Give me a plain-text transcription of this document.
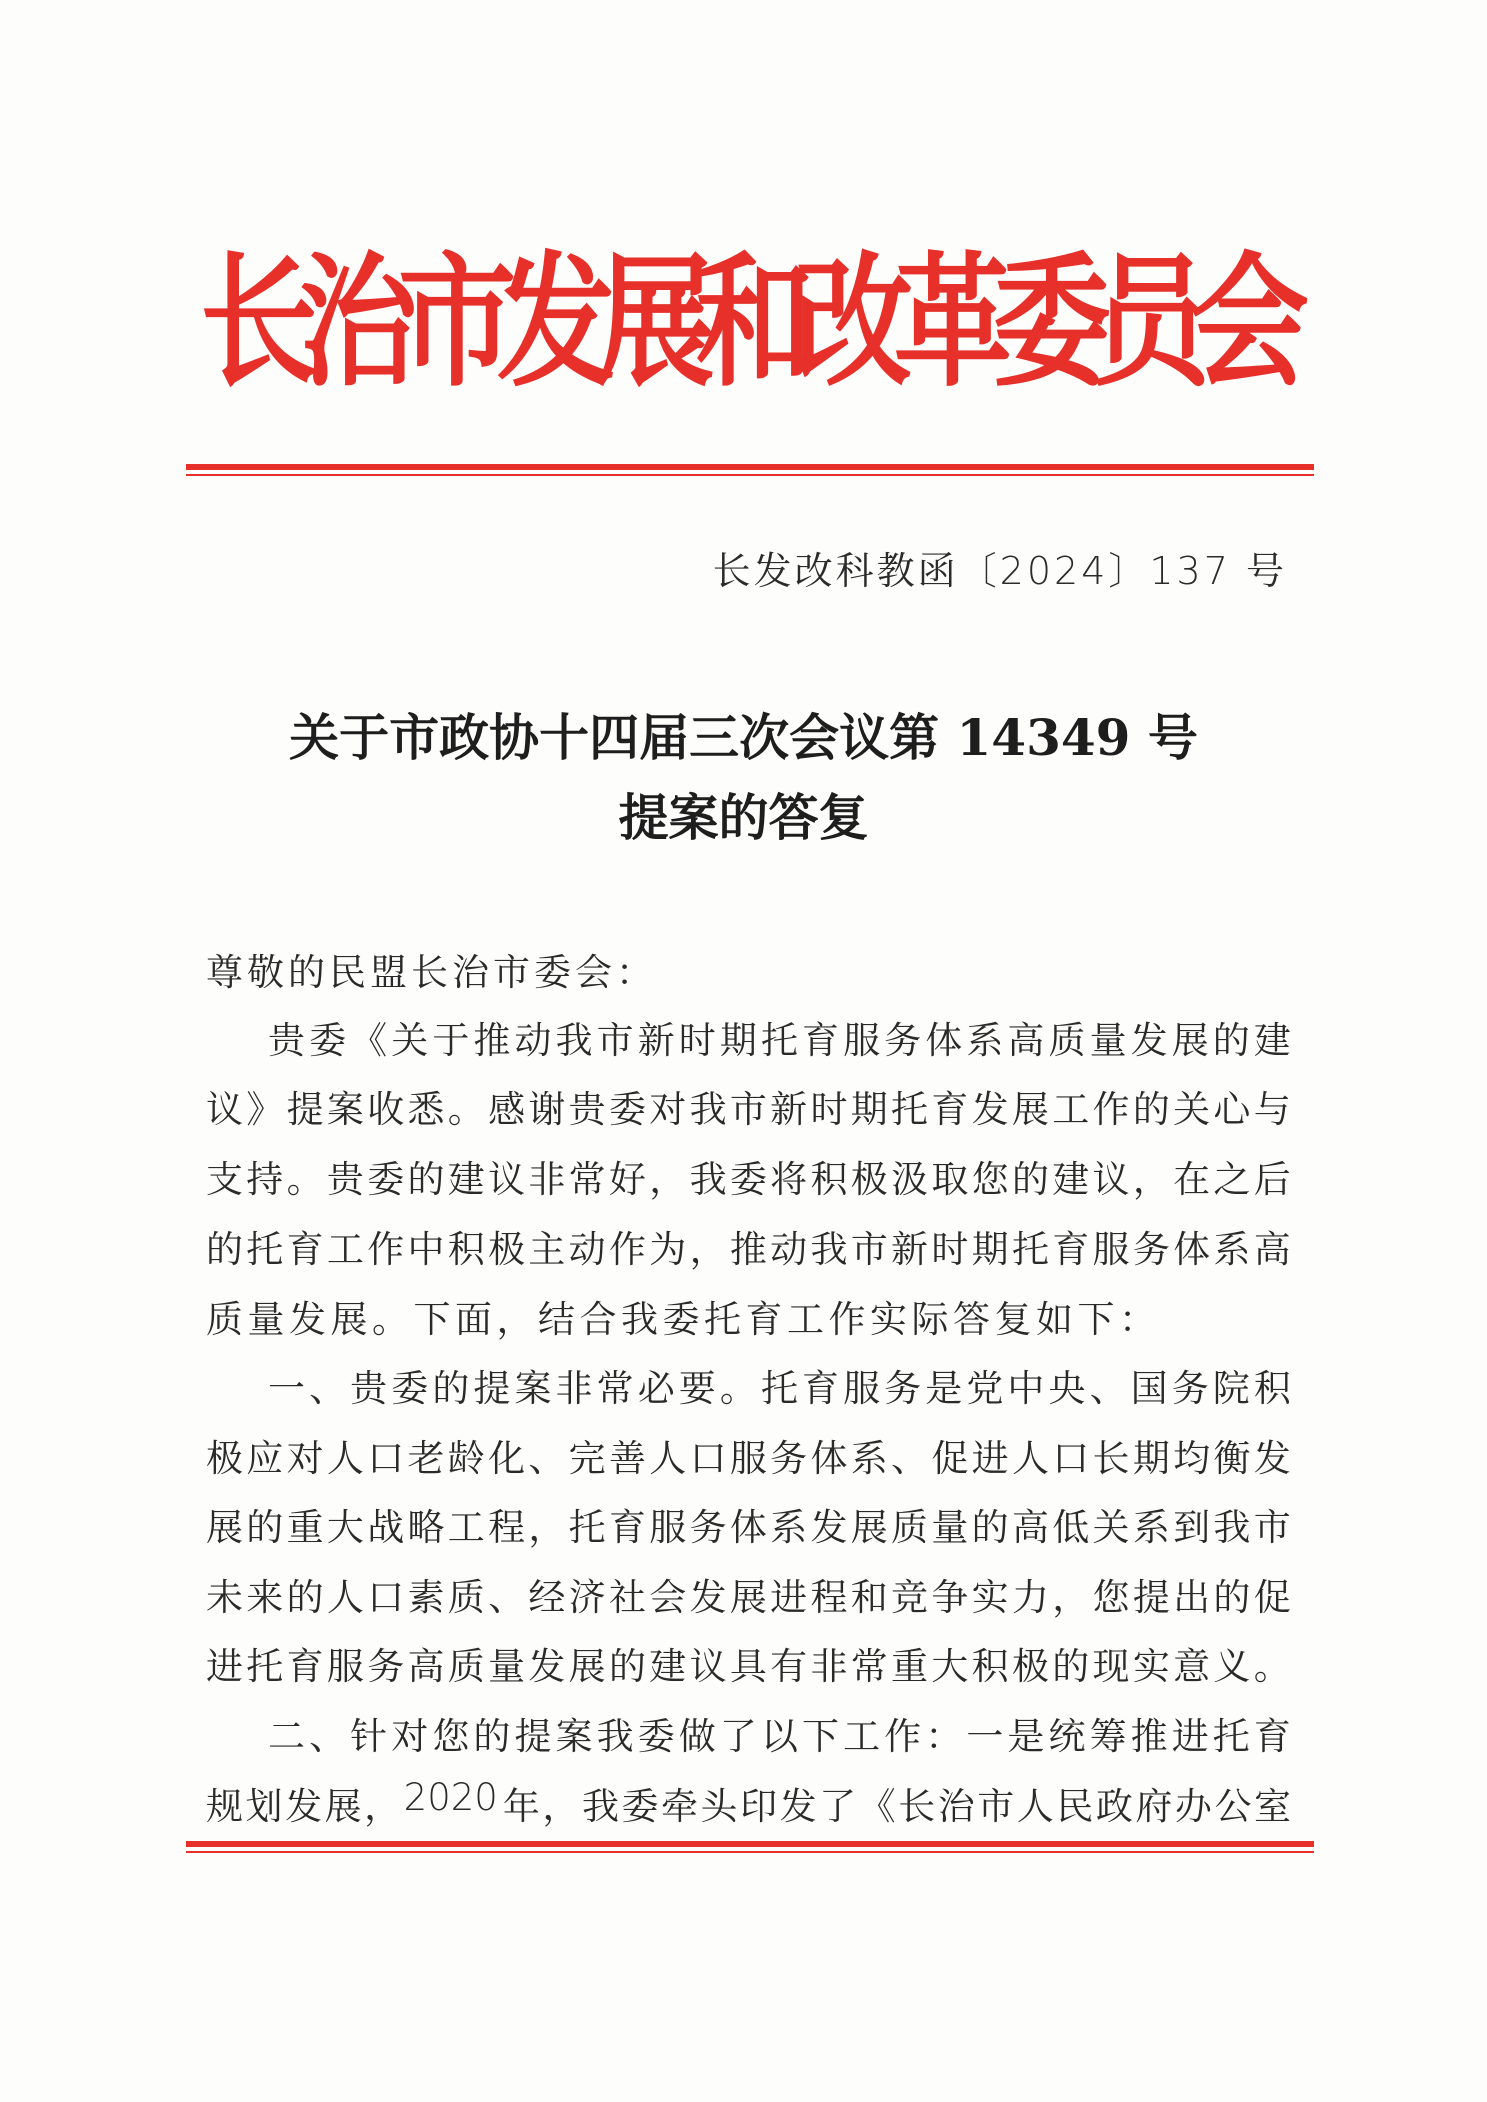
长
治
市
发
展
和
改
革
委
员
会
长发改科教函〔2024〕137 号
关于市政协十四届三次会议第 14349 号
提案的答复
尊敬的民盟长治市委会：
贵 委 《 关 于 推 动 我 市 新 时 期 托 育 服 务 体 系 高 质 量 发 展 的 建
议 》 提 案 收 悉 。 感 谢 贵 委 对 我 市 新 时 期 托 育 发 展 工 作 的 关 心 与
支 持 。 贵 委 的 建 议 非 常 好 ， 我 委 将 积 极 汲 取 您 的 建 议 ， 在 之 后
的 托 育 工 作 中 积 极 主 动 作 为 ， 推 动 我 市 新 时 期 托 育 服 务 体 系 高
质量发展。下面，结合我委托育工作实际答复如下：
一 、 贵 委 的 提 案 非 常 必 要 。 托 育 服 务 是 党 中 央 、 国 务 院 积
极 应 对 人 口 老 龄 化 、 完 善 人 口 服 务 体 系 、 促 进 人 口 长 期 均 衡 发
展 的 重 大 战 略 工 程 ， 托 育 服 务 体 系 发 展 质 量 的 高 低 关 系 到 我 市
未 来 的 人 口 素 质 、 经 济 社 会 发 展 进 程 和 竞 争 实 力 ， 您 提 出 的 促
进 托 育 服 务 高 质 量 发 展 的 建 议 具 有 非 常 重 大 积 极 的 现 实 意 义 。
二 、 针 对 您 的 提 案 我 委 做 了 以 下 工 作 ： 一 是 统 筹 推 进 托 育
规 划 发 展 ， 2020 年 ， 我 委 牵 头 印 发 了 《 长 治 市 人 民 政 府 办 公 室
